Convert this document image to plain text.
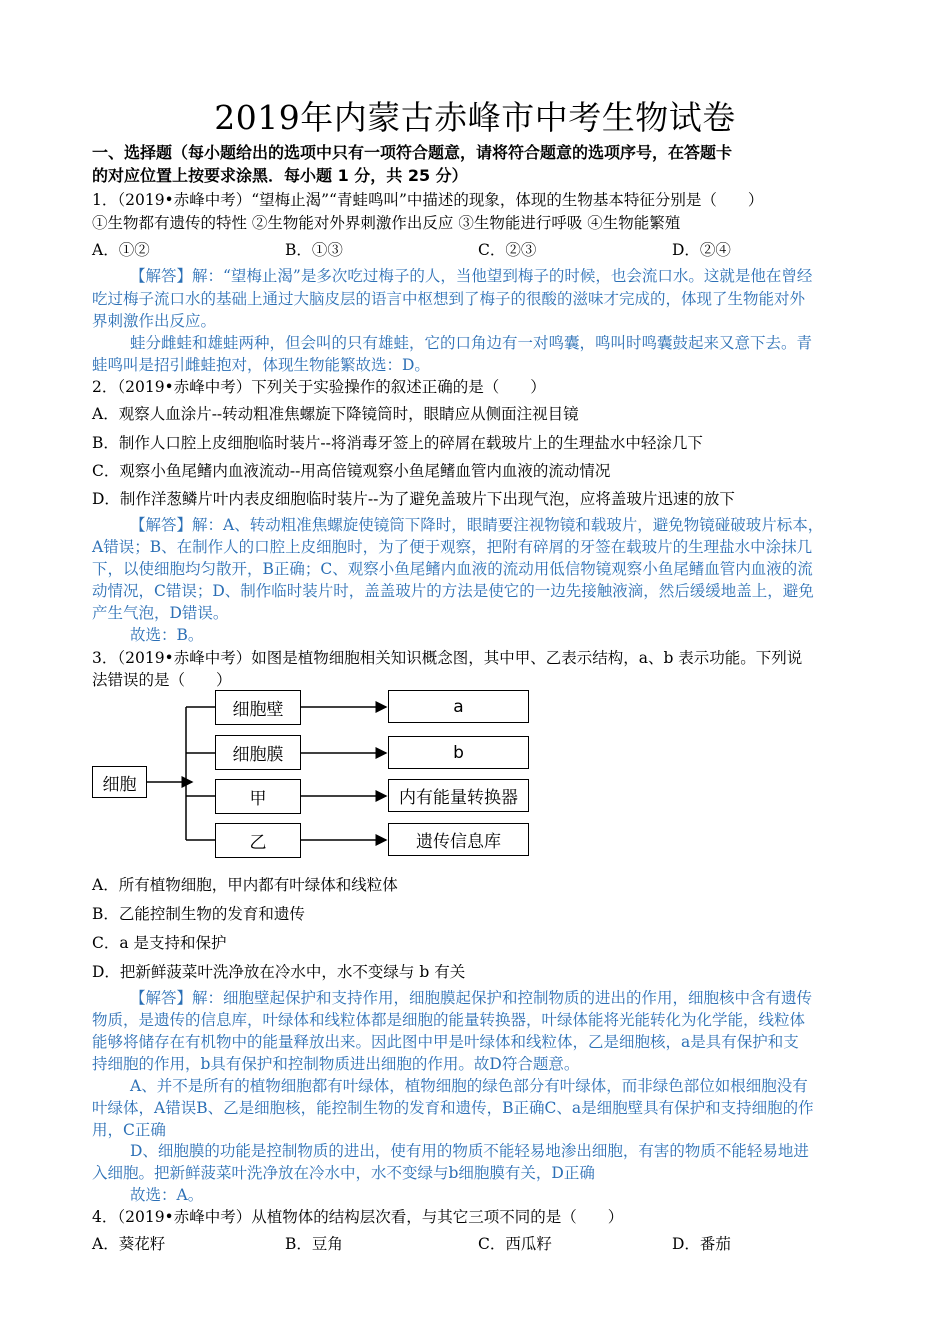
2019年内蒙古赤峰市中考生物试卷
一、选择题（每小题给出的选项中只有一项符合题意，请将符合题意的选项序号，在答题卡
的对应位置上按要求涂黑．每小题 1 分，共 25 分）
1．（2019•赤峰中考）“望梅止渴”“青蛙鸣叫”中描述的现象，体现的生物基本特征分别是（　　）
①生物都有遗传的特性 ②生物能对外界刺激作出反应 ③生物能进行呼吸 ④生物能繁殖
A．①②	B．①③	C．②③	D．②④
【解答】解：“望梅止渴”是多次吃过梅子的人，当他望到梅子的时候，也会流口水。这就是他在曾经
吃过梅子流口水的基础上通过大脑皮层的语言中枢想到了梅子的很酸的滋味才完成的，体现了生物能对外
界刺激作出反应。
蛙分雌蛙和雄蛙两种，但会叫的只有雄蛙，它的口角边有一对鸣囊，鸣叫时鸣囊鼓起来又意下去。青
蛙鸣叫是招引雌蛙抱对，体现生物能繁故选：D。
2．（2019•赤峰中考）下列关于实验操作的叙述正确的是（　　）
A．观察人血涂片--转动粗准焦螺旋下降镜筒时，眼睛应从侧面注视目镜
B．制作人口腔上皮细胞临时装片--将消毒牙签上的碎屑在载玻片上的生理盐水中轻涂几下
C．观察小鱼尾鳍内血液流动--用高倍镜观察小鱼尾鳍血管内血液的流动情况
D．制作洋葱鳞片叶内表皮细胞临时装片--为了避免盖玻片下出现气泡，应将盖玻片迅速的放下
【解答】解：A、转动粗准焦螺旋使镜筒下降时，眼睛要注视物镜和载玻片，避免物镜碰破玻片标本，
A错误；B、在制作人的口腔上皮细胞时，为了便于观察，把附有碎屑的牙签在载玻片的生理盐水中涂抹几
下，以使细胞均匀散开，B正确；C、观察小鱼尾鳍内血液的流动用低信物镜观察小鱼尾鳍血管内血液的流
动情况，C错误；D、制作临时装片时，盖盖玻片的方法是使它的一边先接触液滴，然后缓缓地盖上，避免
产生气泡，D错误。
故选：B。
3．（2019•赤峰中考）如图是植物细胞相关知识概念图，其中甲、乙表示结构，a、b 表示功能。下列说
法错误的是（　　）
细胞
细胞壁
细胞膜
甲
乙
a
b
内有能量转换器
遗传信息库
A．所有植物细胞，甲内都有叶绿体和线粒体
B．乙能控制生物的发育和遗传
C．a 是支持和保护
D．把新鲜菠菜叶洗净放在冷水中，水不变绿与 b 有关
【解答】解：细胞壁起保护和支持作用，细胞膜起保护和控制物质的进出的作用，细胞核中含有遗传
物质，是遗传的信息库，叶绿体和线粒体都是细胞的能量转换器，叶绿体能将光能转化为化学能，线粒体
能够将储存在有机物中的能量释放出来。因此图中甲是叶绿体和线粒体，乙是细胞核，a是具有保护和支
持细胞的作用，b具有保护和控制物质进出细胞的作用。故D符合题意。
A、并不是所有的植物细胞都有叶绿体，植物细胞的绿色部分有叶绿体，而非绿色部位如根细胞没有
叶绿体，A错误B、乙是细胞核，能控制生物的发育和遗传，B正确C、a是细胞壁具有保护和支持细胞的作
用，C正确
D、细胞膜的功能是控制物质的进出，使有用的物质不能轻易地渗出细胞，有害的物质不能轻易地进
入细胞。把新鲜菠菜叶洗净放在冷水中，水不变绿与b细胞膜有关，D正确
故选：A。
4．（2019•赤峰中考）从植物体的结构层次看，与其它三项不同的是（　　）
A．葵花籽	B．豆角	C．西瓜籽	D．番茄
